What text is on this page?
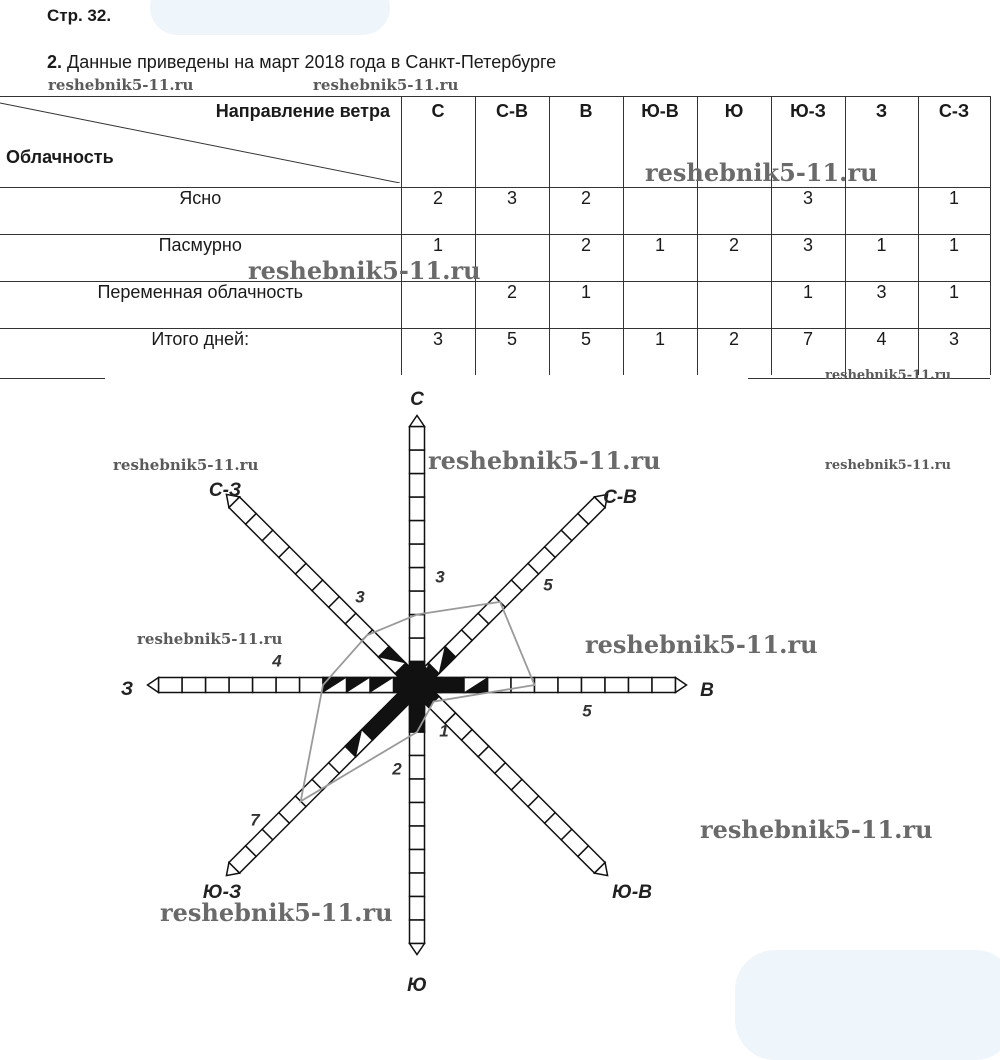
Стр. 32.
2. Данные приведены на март 2018 года в Санкт-Петербурге
Направление ветра
Облачность	С	С-В	В	Ю-В	Ю	Ю-З	З	С-З
Ясно	2	3	2			3		1
Пасмурно	1		2	1	2	3	1	1
Переменная облачность		2	1			1	3	1
Итого дней:	3	5	5	1	2	7	4	3
С
С-В
В
Ю-В
Ю
Ю-З
З
С-З
3	5
5
1
2
7
4
3
reshebnik5-11.ru	reshebnik5-11.ru
reshebnik5-11.ru
reshebnik5-11.ru
reshebnik5-11.ru
reshebnik5-11.ru
reshebnik5-11.ru	reshebnik5-11.ru
reshebnik5-11.ru	reshebnik5-11.ru
reshebnik5-11.ru
reshebnik5-11.ru
